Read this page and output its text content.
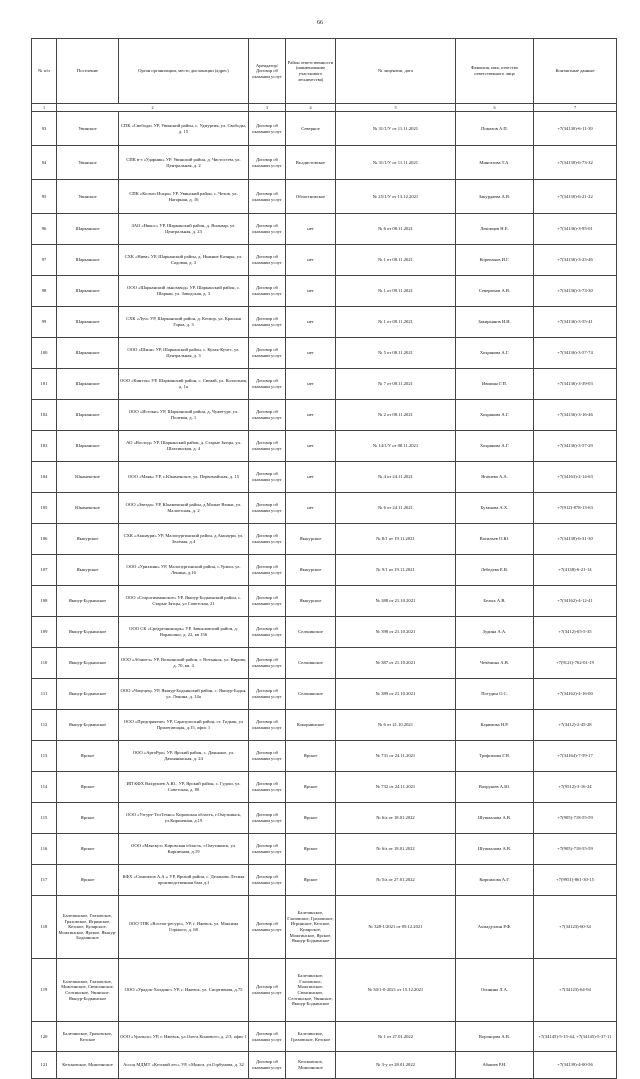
66
№ п/п	Поселение	Орган организации, место дислокации (адрес)	Арендатор/ Договор об оказании услуг	Район ответственности (наименование участкового лесничества)	№ лицензии, дата	Фамилия, имя, отчество ответственного лица	Контактные данные
1	2		3	4	5	6	7
93	Увинское	СПК «Свобода» УР, Увинский район, с. Удмуртия, ул. Свободы, д. 15	Договор об оказании услуг	Северное	№ 31/1/У от 11.11.2021	Помазов А.П.	+7(34130)-6-11-39
94	Увинское	СПК в-з «Ударник» УР. Увинский район, д. Чистостем, ул. Центральная, д. 2	Договор об оказании услуг	Вълдистовское	№ 31/1/У от 11.11.2021	Мингазова Т.А.	+7(34130)-6-73-32
95	Увинское	СПК «Колхоз Искра» УР, Увинский район, с. Чехов, ул. Нагорная, д. 16	Договор об оказании услуг	Областновское	№ 25/1/У от 13.12.2021	Закурдаева А.В.	+7(34130)-6-21-22
96	Шарканское	ЗАО «Никос» УР, Шарканский район, д. Вильвар, ул. Центральная, д. 23	Договор об оказании услуг	нет	№ 6 от 08.11.2021	Лекомцев Н.Е.	+7(34136)-3-95-01
97	Шарканское	СХК «Нива» УР, Шарканский район, д. Нижние Казнры, ул. Садовая, д. 3	Договор об оказании услуг	нет	№ 1 от 08.11.2021	Корепанов И.Г.	+7(34136)-3-23-46
98	Шарканское	ООО «Шарканский льнозавод» УР, Шарканский район, с. Шаркан, ул. Заводская, д. 3	Договор об оказании услуг	нет	№ 1 от 09.11.2021	Северюхов А.В.	+7(34136)-3-73-30
99	Шарканское	СХК «Луч» УР, Шарканский район, д. Кесвор, ул. Красная Горка, д. 3	Договор об оказании услуг	нет	№ 1 от 08.11.2021	Закирьянов И.И.	+7(34136)-3-55-41
100	Шарканское	ООО «Шкон» УР, Шарканский район, с. Кулак-Кучес, ул. Центральная, д. 3	Договор об оказании услуг	нет	№ 5 от 08.11.2021	Хохрякова А.Г.	+7(34136)-3-57-74
101	Шарканское	ООО «Кинтэк» УР, Шарканский район, с. Сюмай, ул. Колхозная, д. 1а	Договор об оказании услуг	нет	№ 7 от 08.11.2021	Ившина Г.П.	+7(34136)-3-39-03
102	Шарканское	ООО «Истоки» УР, Шарканский район, д. Чужегурт, ул. Полевая, д. 1	Договор об оказании услуг	нет	№ 2 от 08.11.2021	Хохрякова А.Г.	+7(34136)-3-16-46
103	Шарканское	АО «Восход» УР, Шарканский район, д. Старые Зятцы, ул. Шахтинская, д. 4	Договор об оказании услуг	нет	№ 14/1/У от 08.11.2021	Хохрякова А.Г.	+7(34136)-3-57-29
104	Юкаменское	ООО «Маяк» УР, с.Юкаменское, ул. Первомайская, д. 15	Договор об оказании услуг	нет	№ 4 от 24.11.2021	Ягашева А.А.	+7(34163)-2-14-63
105	Юкаменское	ООО «Звезда» УР, Юкаменский район, д.Малые Веньи, ул. Малоезская, д. 2	Договор об оказании услуг	нет	№ 6 от 24.11.2021	Бузанова А.Х.	+7(912)-878-13-63
106	Якшурское	СХК «Акшаури» УР, Малопургинский район, д.Акшаури, ул. Зелёная, д.4	Договор об оказании услуг	Якшурское	№ 8/1 от 19.11.2021	Васильев О.Ю.	+7(34138)-6-31-30
107	Якшурское	ООО «Урихмин» УР, Малопургинский район, с.Урихи, ул. Ленина, д.16	Договор об оказании услуг	Якшурское	№ 9/1 от 19.11.2021	Лебедева Е.В.	+7(4138)-6-21-14
108	Якшур-Бодьинское	ООО «Старотимманское» УР, Якшур-Бодьинский район, с. Старые Зятцы, ул Советская, 21	Договор об оказании услуг	Якшурское	№ 388 от 21.10.2021	Белых А.В.	+7(34162)-4-12-41
109	Якшур-Бодьинское	ООО СК «Средрезнинскрь» УР, Завьяловский район, д. Вараксино, д. 22, кв 156	Договор об оказании услуг	Сельчинское	№ 398 от 21.10.2021	Зудина А.А.	+7(3412)-65-5-35
110	Якшур-Бодьинское	ООО «Абэкотэ» УР, Вотьинский район, г. Вотьинск, ул. Кирова, д. 70, кв. 4	Договор об оказании услуг	Сельчинское	№ 387 от 21.10.2021	Чечёмина А.В.	+7(9121)-762-01-19
111	Якшур-Бодьинское	ООО «Чацецец» УР, Якшур-Бодьинский район, с. Якшур-Бодья, ул. Ленина, д. 14а	Договор об оказании услуг	Сельчинское	№ 389 от 21.10.2021	Погудин О.С.	+7(34162)-4-16-00
112	Якшур-Бодьинское	ООО «Предприятие» УР, Сарапульский район, ст. Гидыш, ул Прилегающая, д.15, офис 1	Договор об оказании услуг	Кокорнинское	№ 6 от 21.10.2021	Каримова Н.Р.	+7(3412)-2-45-28
113	Ярское	ООО «АртоРро» УР, Ярский район, с. Дачьяное, ул. Дачьянинская, д. 24	Договор об оказании услуг	Ярское	№ 731 от 24.11.2021	Трофимова Г.Н.	+7(34164)-7-59-17
114	Ярское	ИП КФХ Вахрушев А.Ю., УР, Ярский район, с. Гудош, ул. Советская, д. 80	Договор об оказании услуг	Ярское	№ 732 от 24.11.2021	Вахрушев А.Ю.	+7(9512)-3-16-24
115	Ярское	ООО «Узгурт-ТелТехно» Кировская область, г.Омутнинск, ул.Кирпичная, д.19	Договор об оказании услуг	Ярское	№ 6/а от 18.01.2022	Шушкалова А.В.	+7(905)-718-55-59
116	Ярское	ООО «Маяскуз» Кировская область, г.Омутнинск, ул. Кирпичная, д.19	Договор об оказании услуг	Ярское	№ 6/а от 18.01.2022	Шушкалова А.В.	+7(905)-718-55-59
117	Ярское	КФХ «Сомпилов А.А.» УР, Ярский район, с. Деланово Лесная производственная база д.1	Договор об оказании услуг	Ярское	№ 5/а от 27.01.2022	Кирпилова А.Г.	+7(9951)-861-30-15
118	Балезинское, Глазовское, Граховское, Игринское, Кезское, Кулярское, Можгинское, Ярское, Якшур-Бодьинское	ООО ТПК «Восток-ресурс», УР, г. Ижевск, ул. Максима Горького, д. 68	Договор об оказании услуг	Балезинское, Глазовское, Граховское, Игринское, Кезское, Кулярское, Можгинское, Ярское, Якшур-Бодьинское	№ 328-1/2021 от 09.12.2021	Ахмадуллин Р.Ф.	+7(34123)-60-34
119	Балезинское, Глазовское, Можгинское, Сюмсинское, Селтинское, Увинское, Якшур-Бодьинское	ООО «Урадок-Холдинг» УР, г. Ижевск, ул. Спортивная, д.75	Договор об оказании услуг	Балезинское, Глазовское, Можгинское, Сюмсинское, Селтинское, Увинское, Якшур-Бодьинское	№ 30/1-0-2021 от 15.12.2021	Осинина Л.А.	+7(34123)-64-94
120	Балезинское, Граховское, Кезское	ООО «Уральск» УР, г. Ижевск, ул.Олега Кошевого, д. 2/3, офис 1	Договор об оказании услуг	Балезинское, Граховское, Кезское	№ 1 от 27.01.2022	Воронцова А.В.	+7(34145)-5-15-44, +7(34145)-5-37-11
121	Кезсковское, Можгинское	Ассоц МДМТ «Кезский лес» УР, г.Можга, ул.Горбунова, д. 32	Договор об оказании услуг	Кезсковское, Можгинское	№ 3-у от 28.01.2022	Абашев Р.Н.	+7(34139)-4-00-56
